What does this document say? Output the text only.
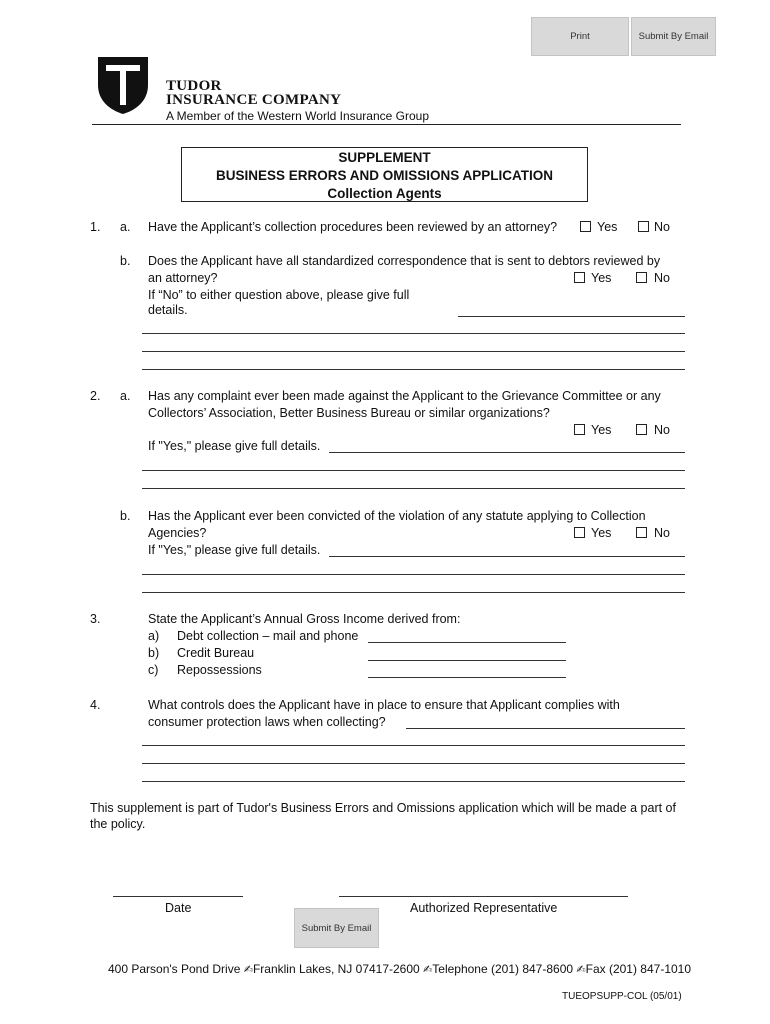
Print	Submit By Email
TUDOR
INSURANCE COMPANY
A Member of the Western World Insurance Group
SUPPLEMENT
BUSINESS ERRORS AND OMISSIONS APPLICATION
Collection Agents
1. a. Have the Applicant’s collection procedures been reviewed by an attorney?	Yes	No
b. Does the Applicant have all standardized correspondence that is sent to debtors reviewed by
an attorney?	Yes	No
If “No” to either question above, please give full
details.
2. a. Has any complaint ever been made against the Applicant to the Grievance Committee or any
Collectors’ Association, Better Business Bureau or similar organizations?
Yes	No
If "Yes," please give full details.
b. Has the Applicant ever been convicted of the violation of any statute applying to Collection
Agencies?	Yes	No
If "Yes," please give full details.
3.	State the Applicant’s Annual Gross Income derived from:
a) Debt collection – mail and phone
b) Credit Bureau
c) Repossessions
4.	What controls does the Applicant have in place to ensure that Applicant complies with
consumer protection laws when collecting?
This supplement is part of Tudor's Business Errors and Omissions application which will be made a part of
the policy.
Date	Authorized Representative
Submit By Email
400 Parson's Pond Drive ✍Franklin Lakes, NJ 07417-2600 ✍Telephone (201) 847-8600 ✍Fax (201) 847-1010
TUEOPSUPP-COL (05/01)
